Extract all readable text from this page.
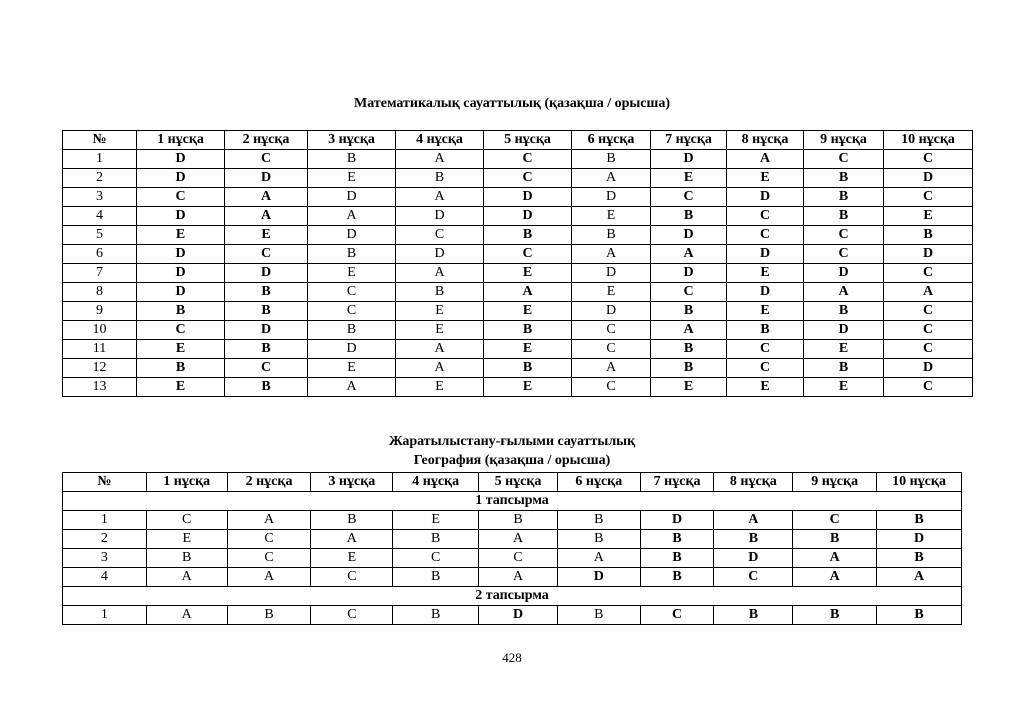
Математикалық сауаттылық (қазақша / орысша)
№	1 нұсқа	2 нұсқа	3 нұсқа	4 нұсқа	5 нұсқа	6 нұсқа	7 нұсқа	8 нұсқа	9 нұсқа	10 нұсқа
1	D	C	B	A	C	B	D	A	C	C
2	D	D	E	B	C	A	E	E	B	D
3	C	A	D	A	D	D	C	D	B	C
4	D	A	A	D	D	E	B	C	B	E
5	E	E	D	C	B	B	D	C	C	B
6	D	C	B	D	C	A	A	D	C	D
7	D	D	E	A	E	D	D	E	D	C
8	D	B	C	B	A	E	C	D	A	A
9	B	B	C	E	E	D	B	E	B	C
10	C	D	B	E	B	C	A	B	D	C
11	E	B	D	A	E	C	B	C	E	C
12	B	C	E	A	B	A	B	C	B	D
13	E	B	A	E	E	C	E	E	E	C
Жаратылыстану-ғылыми сауаттылық
География (қазақша / орысша)
№	1 нұсқа	2 нұсқа	3 нұсқа	4 нұсқа	5 нұсқа	6 нұсқа	7 нұсқа	8 нұсқа	9 нұсқа	10 нұсқа
1 тапсырма										
1	C	A	B	E	B	B	D	A	C	B
2	E	C	A	B	A	B	B	B	B	D
3	B	C	E	C	C	A	B	D	A	B
4	A	A	C	B	A	D	B	C	A	A
2 тапсырма										
1	A	B	C	B	D	B	C	B	B	B
428
